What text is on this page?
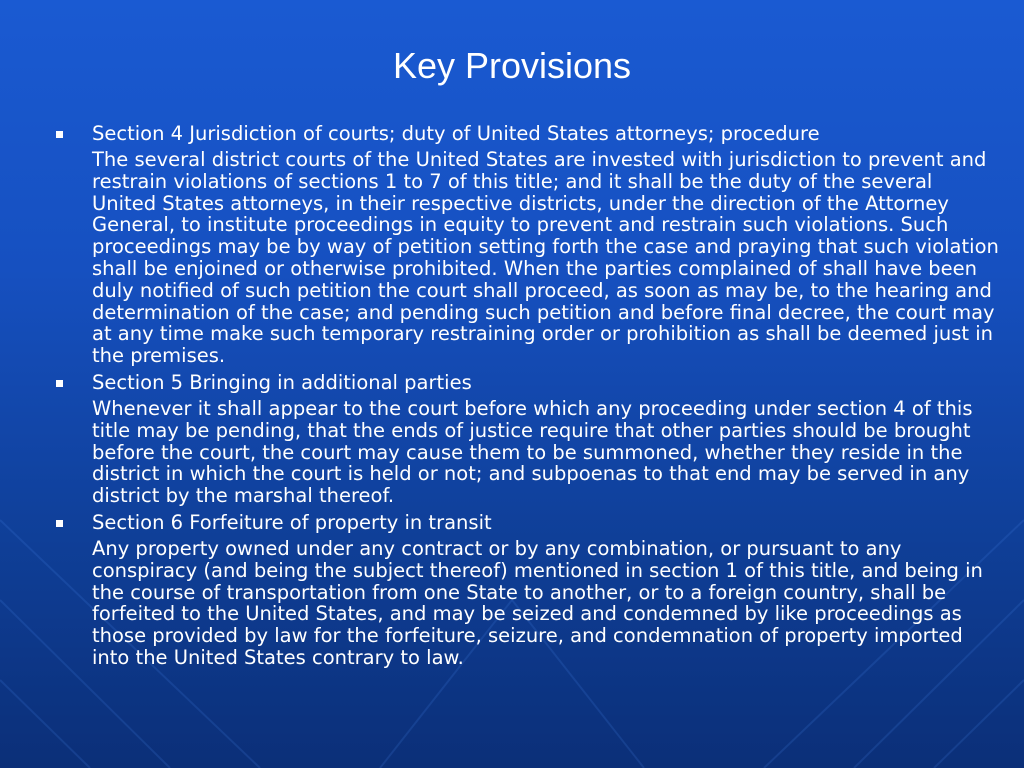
Key Provisions
Section 4 Jurisdiction of courts; duty of United States attorneys; procedure
The several district courts of the United States are invested with jurisdiction to prevent and restrain violations of sections 1 to 7 of this title; and it shall be the duty of the several United States attorneys, in their respective districts, under the direction of the Attorney General, to institute proceedings in equity to prevent and restrain such violations. Such proceedings may be by way of petition setting forth the case and praying that such violation shall be enjoined or otherwise prohibited. When the parties complained of shall have been duly notified of such petition the court shall proceed, as soon as may be, to the hearing and determination of the case; and pending such petition and before final decree, the court may at any time make such temporary restraining order or prohibition as shall be deemed just in the premises.
Section 5 Bringing in additional parties
Whenever it shall appear to the court before which any proceeding under section 4 of this title may be pending, that the ends of justice require that other parties should be brought before the court, the court may cause them to be summoned, whether they reside in the district in which the court is held or not; and subpoenas to that end may be served in any district by the marshal thereof.
Section 6 Forfeiture of property in transit
Any property owned under any contract or by any combination, or pursuant to any conspiracy (and being the subject thereof) mentioned in section 1 of this title, and being in the course of transportation from one State to another, or to a foreign country, shall be forfeited to the United States, and may be seized and condemned by like proceedings as those provided by law for the forfeiture, seizure, and condemnation of property imported into the United States contrary to law.
